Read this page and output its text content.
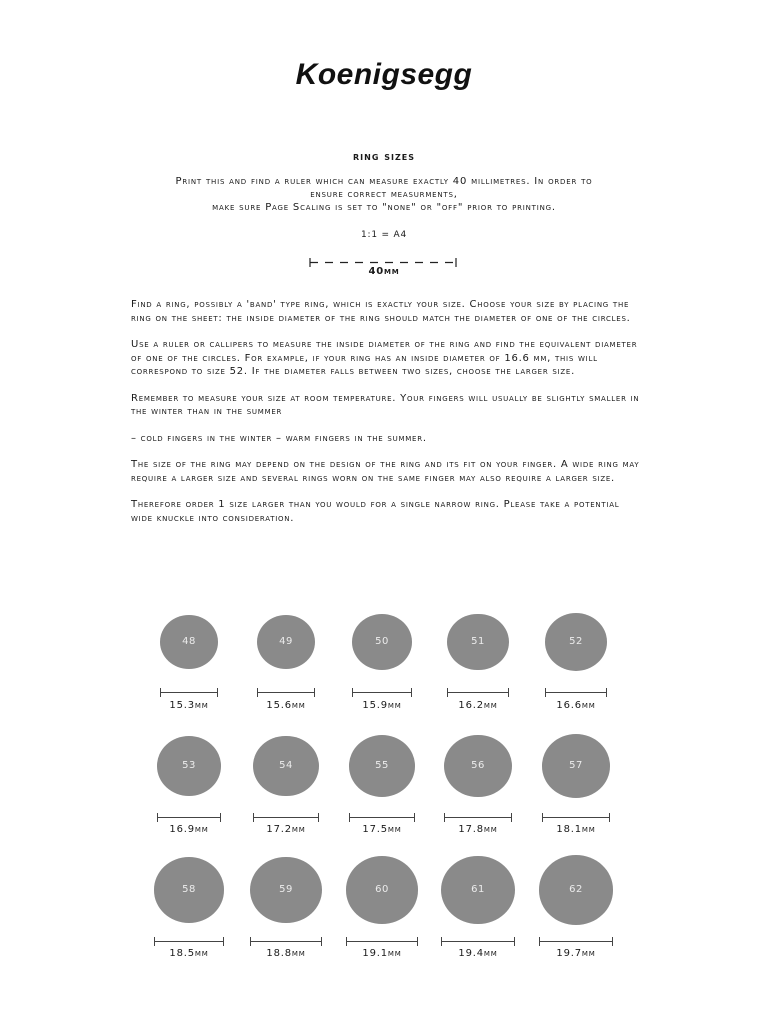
Koenigsegg
ring sizes
Print this and find a ruler which can measure exactly 40 millimetres. In order to
ensure correct measurments,
make sure Page Scaling is set to "none" or "off" prior to printing.
1:1 = A4
40mm

Find a ring, possibly a 'band' type ring, which is exactly your size. Choose your size by placing the ring on the sheet: the inside diameter of the ring should match the diameter of one of the circles.

Use a ruler or callipers to measure the inside diameter of the ring and find the equivalent diameter of one of the circles. For example, if your ring has an inside diameter of 16.6 mm, this will correspond to size 52. If the diameter falls between two sizes, choose the larger size.

Remember to measure your size at room temperature. Your fingers will usually be slightly smaller in the winter than in the summer

– cold fingers in the winter – warm fingers in the summer.

The size of the ring may depend on the design of the ring and its fit on your finger. A wide ring may require a larger size and several rings worn on the same finger may also require a larger size.

Therefore order 1 size larger than you would for a single narrow ring. Please take a potential wide knuckle into consideration.

48
15.3mm
49
15.6mm
50
15.9mm
51
16.2mm
52
16.6mm
53
16.9mm
54
17.2mm
55
17.5mm
56
17.8mm
57
18.1mm
58
18.5mm
59
18.8mm
60
19.1mm
61
19.4mm
62
19.7mm
